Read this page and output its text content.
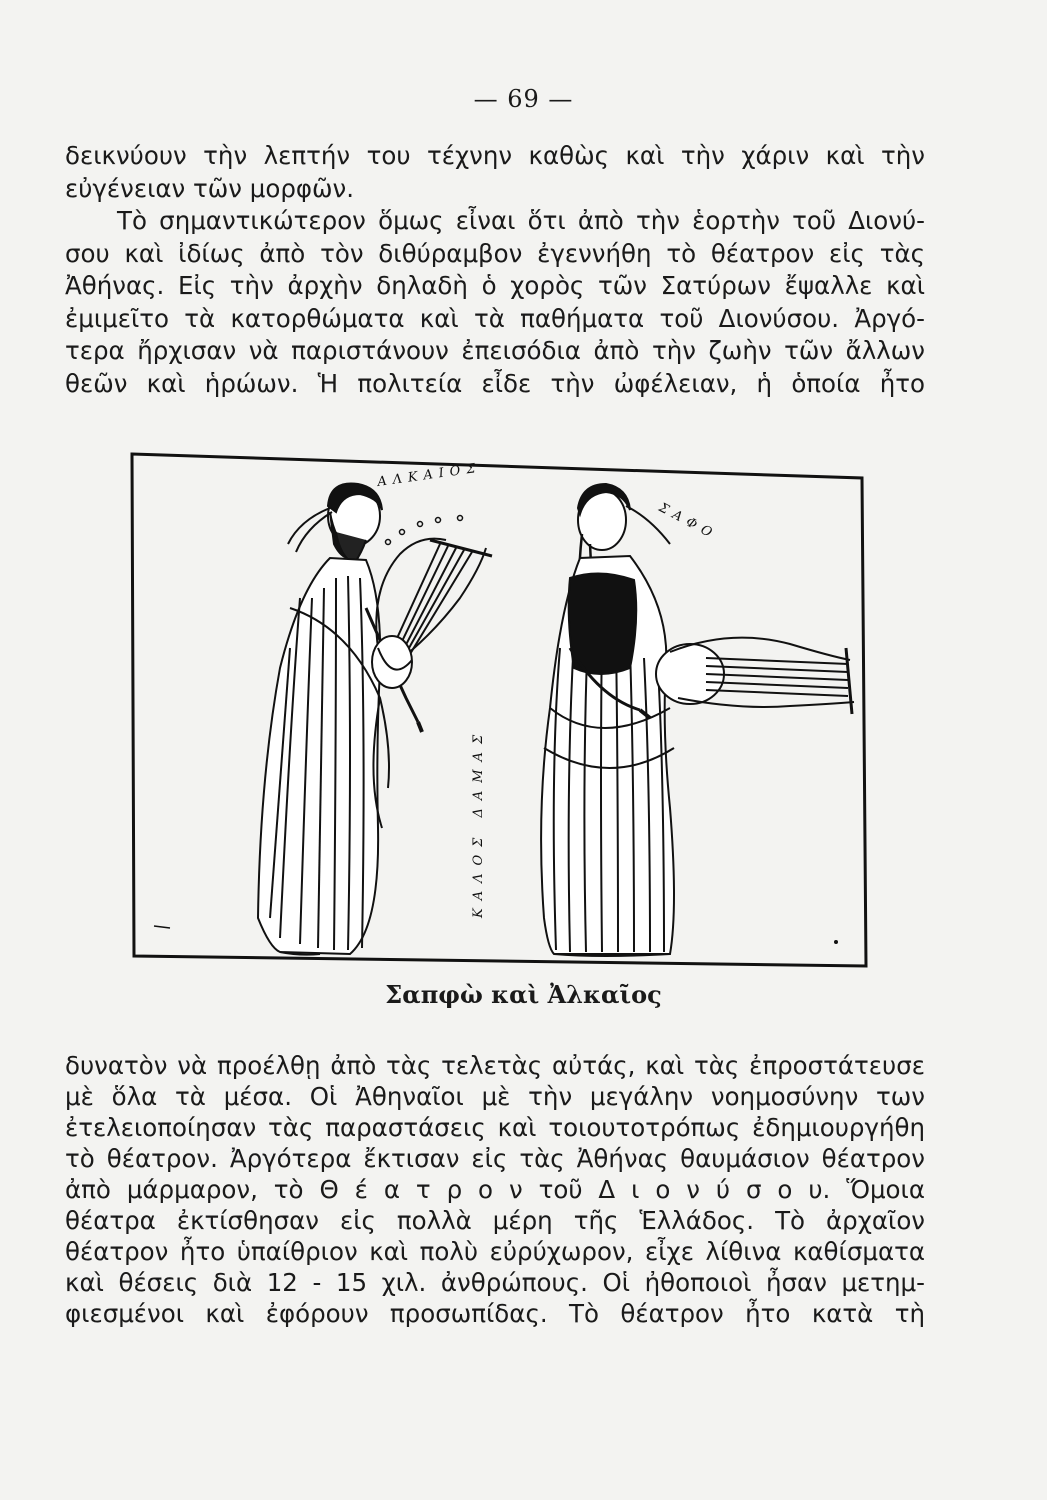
— 69 —

δεικνύουν τὴν λεπτήν του τέχνην καθὼς καὶ τὴν χάριν καὶ τὴν
εὐγένειαν τῶν μορφῶν.

Τὸ σημαντικώτερον ὅμως εἶναι ὅτι ἀπὸ τὴν ἑορτὴν τοῦ Διονύ-
σου καὶ ἰδίως ἀπὸ τὸν διθύραμβον ἐγεννήθη τὸ θέατρον εἰς τὰς
Ἀθήνας. Εἰς τὴν ἀρχὴν δηλαδὴ ὁ χορὸς τῶν Σατύρων ἔψαλλε καὶ
ἐμιμεῖτο τὰ κατορθώματα καὶ τὰ παθήματα τοῦ Διονύσου. Ἀργό-
τερα ἤρχισαν νὰ παριστάνουν ἐπεισόδια ἀπὸ τὴν ζωὴν τῶν ἄλλων
θεῶν καὶ ἡρώων. Ἡ πολιτεία εἶδε τὴν ὠφέλειαν, ἡ ὁποία ἦτο

ΑΛΚΑΙΟΣ
ΣΑΦΟ
ΚΑΛΟΣ ΔΑΜΑΣ
Σαπφὼ καὶ Ἀλκαῖος

δυνατὸν νὰ προέλθῃ ἀπὸ τὰς τελετὰς αὐτάς, καὶ τὰς ἐπροστάτευσε
μὲ ὅλα τὰ μέσα. Οἱ Ἀθηναῖοι μὲ τὴν μεγάλην νοημοσύνην των
ἐτελειοποίησαν τὰς παραστάσεις καὶ τοιουτοτρόπως ἐδημιουργήθη
τὸ θέατρον. Ἀργότερα ἔκτισαν εἰς τὰς Ἀθήνας θαυμάσιον θέατρον
ἀπὸ μάρμαρον, τὸ Θ έ α τ ρ ο ν τοῦ Δ ι ο ν ύ σ ο υ. Ὅμοια
θέατρα ἐκτίσθησαν εἰς πολλὰ μέρη τῆς Ἑλλάδος. Τὸ ἀρχαῖον
θέατρον ἦτο ὑπαίθριον καὶ πολὺ εὐρύχωρον, εἶχε λίθινα καθίσματα
καὶ θέσεις διὰ 12 - 15 χιλ. ἀνθρώπους. Οἱ ἠθοποιοὶ ἦσαν μετημ-
φιεσμένοι καὶ ἐφόρουν προσωπίδας. Τὸ θέατρον ἦτο κατὰ τὴ
